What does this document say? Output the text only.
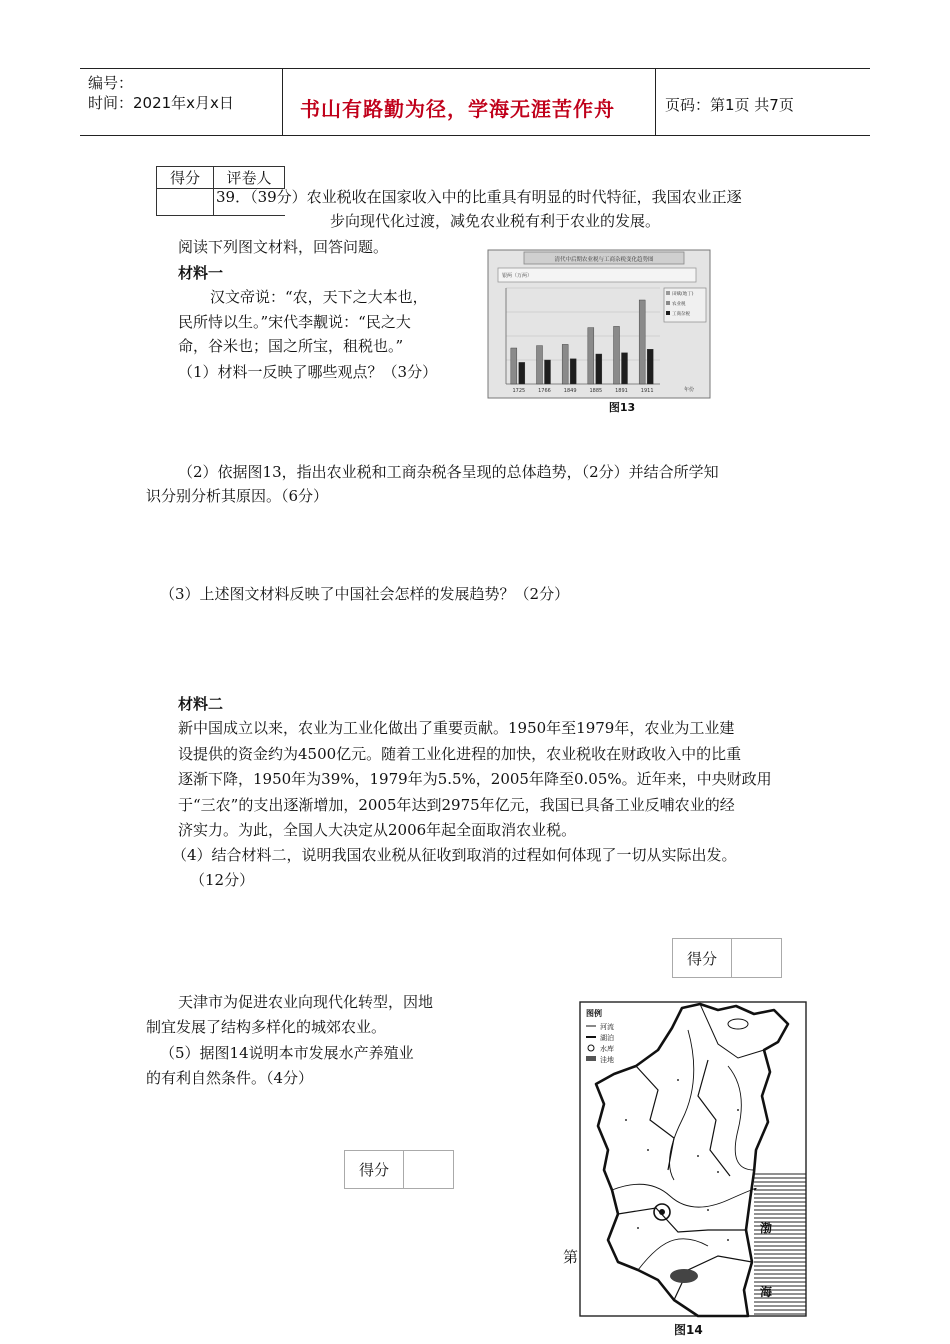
编号：
时间：2021年x月x日	书山有路勤为径，学海无涯苦作舟	页码：第1页 共7页
得分	评卷人

39．（39分）农业税收在国家收入中的比重具有明显的时代特征，我国农业正逐
步向现代化过渡，减免农业税有利于农业的发展。
阅读下列图文材料，回答问题。
材料一
汉文帝说：“农，天下之大本也，
民所恃以生。”宋代李觏说：“民之大
命，谷米也；国之所宝，租税也。”
（1）材料一反映了哪些观点？（3分）
清代中后期农业税与工商杂税变化趋势图
银两（万两）
1725	1766	1849	1885	1891	1911
田赋(地丁)
农业税
工商杂税
年份
图13
（2）依据图13，指出农业税和工商杂税各呈现的总体趋势，（2分）并结合所学知
识分别分析其原因。（6分）
（3）上述图文材料反映了中国社会怎样的发展趋势？（2分）
材料二
新中国成立以来，农业为工业化做出了重要贡献。1950年至1979年，农业为工业建
设提供的资金约为4500亿元。随着工业化进程的加快，农业税收在财政收入中的比重
逐渐下降，1950年为39%，1979年为5.5%，2005年降至0.05%。近年来，中央财政用
于“三农”的支出逐渐增加，2005年达到2975年亿元，我国已具备工业反哺农业的经
济实力。为此，全国人大决定从2006年起全面取消农业税。
（4）结合材料二，说明我国农业税从征收到取消的过程如何体现了一切从实际出发。
（12分）
得分
天津市为促进农业向现代化转型，因地
制宜发展了结构多样化的城郊农业。
（5）据图14说明本市发展水产养殖业
的有利自然条件。（4分）
得分
第
渤
海
图例
河流
湖泊
水库
洼地
图14
